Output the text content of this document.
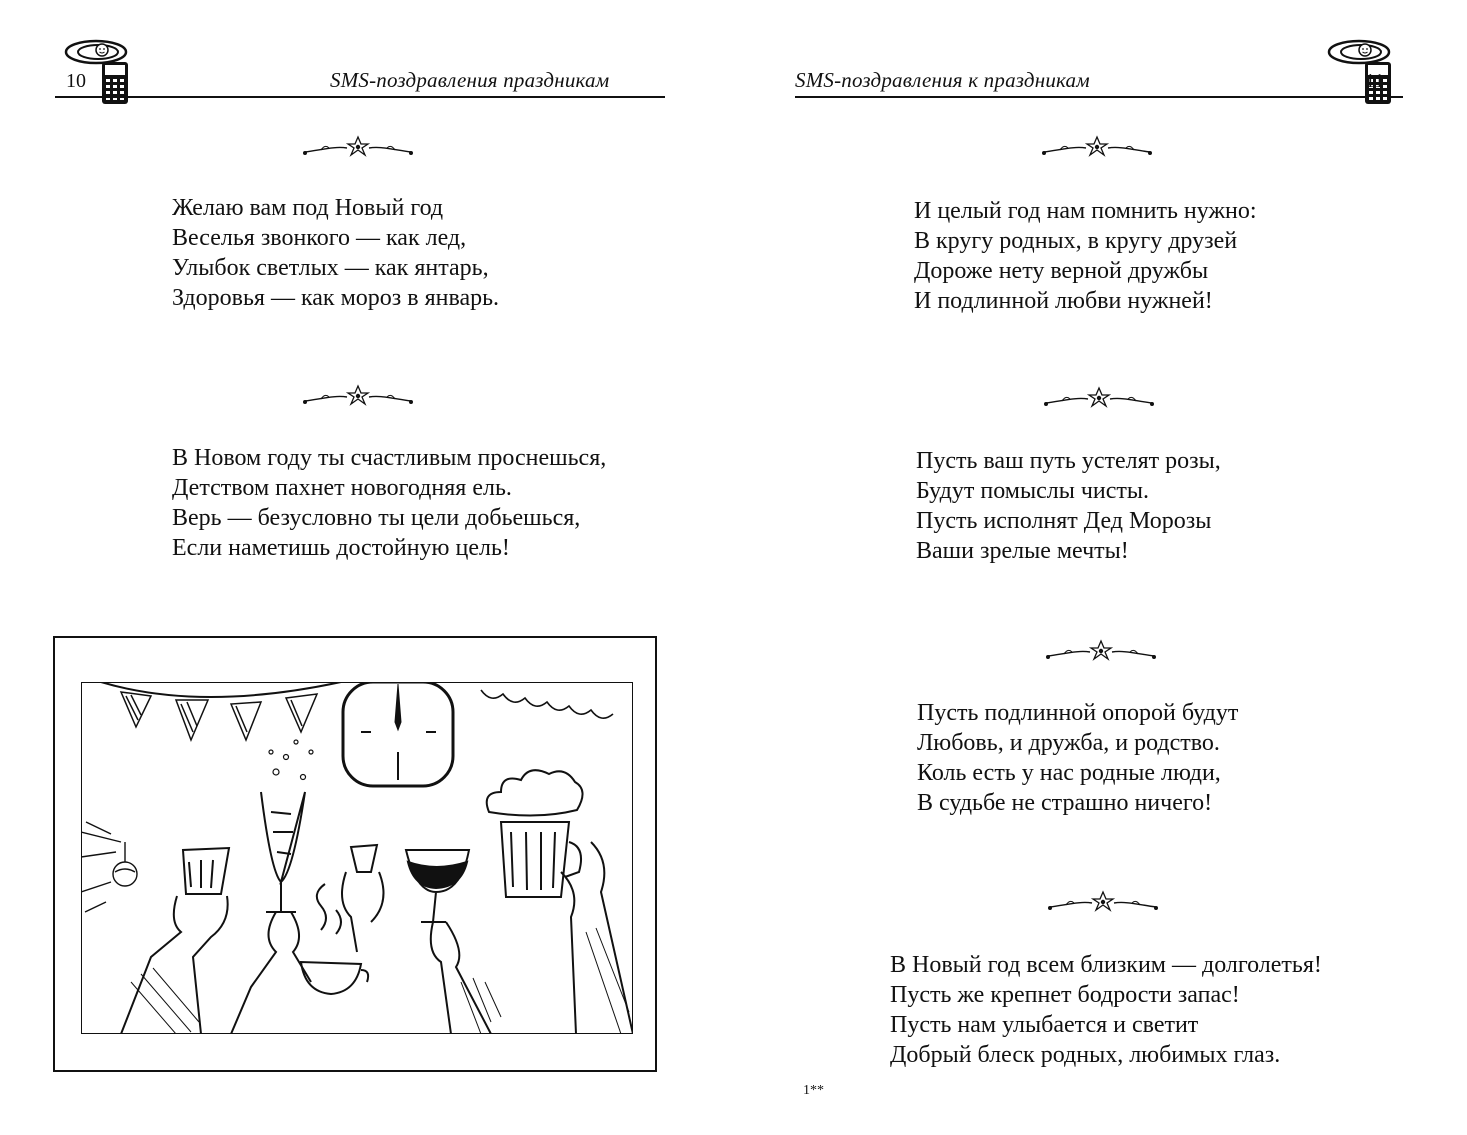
10	SMS-поздравления праздникам
Желаю вам под Новый год
Веселья звонкого — как лед,
Улыбок светлых — как янтарь,
Здоровья — как мороз в январь.
В Новом году ты счастливым проснешься,
Детством пахнет новогодняя ель.
Верь — безусловно ты цели добьешься,
Если наметишь достойную цель!
SMS-поздравления к праздникам	11
И целый год нам помнить нужно:
В кругу родных, в кругу друзей
Дороже нету верной дружбы
И подлинной любви нужней!
Пусть ваш путь устелят розы,
Будут помыслы чисты.
Пусть исполнят Дед Морозы
Ваши зрелые мечты!
Пусть подлинной опорой будут
Любовь, и дружба, и родство.
Коль есть у нас родные люди,
В судьбе не страшно ничего!
В Новый год всем близким — долголетья!
Пусть же крепнет бодрости запас!
Пусть нам улыбается и светит
Добрый блеск родных, любимых глаз.
1**
